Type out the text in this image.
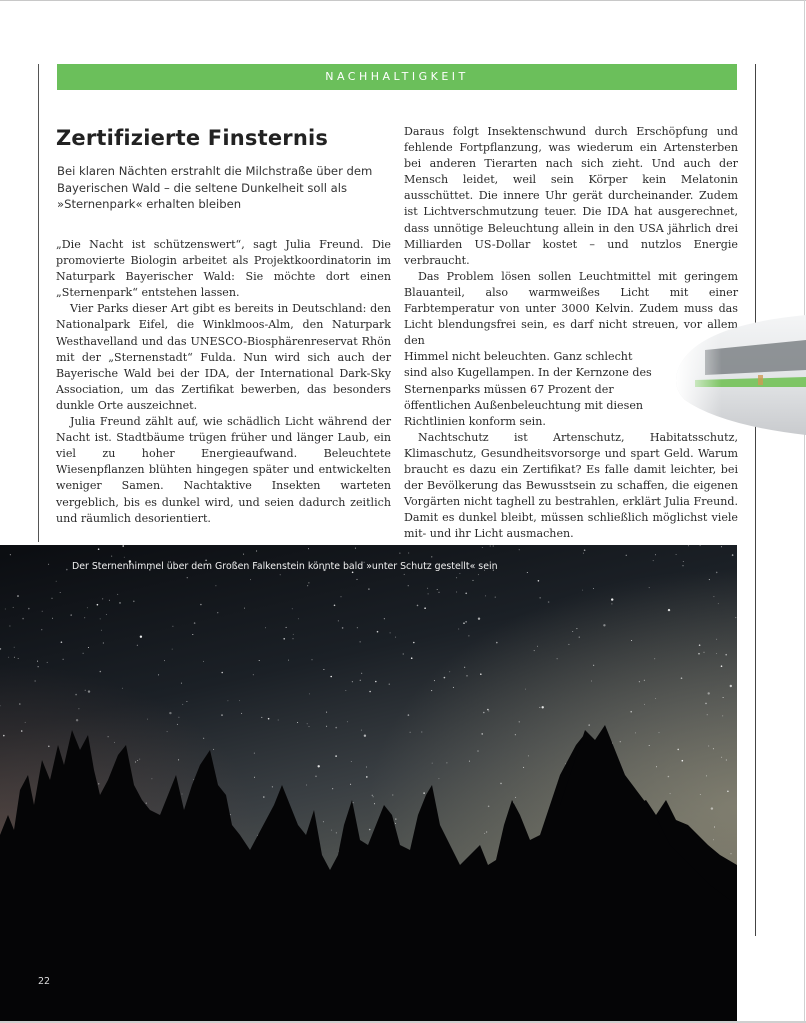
NACHHALTIGKEIT
Zertifizierte Finsternis

Bei klaren Nächten erstrahlt die Milchstraße über dem Bayerischen Wald – die seltene Dunkelheit soll als »Sternenpark« erhalten bleiben

„Die Nacht ist schützenswert“, sagt Julia Freund. Die promovierte Biologin arbeitet als Projektkoordinatorin im Naturpark Bayerischer Wald: Sie möchte dort einen „Sternenpark“ entstehen lassen.

Vier Parks dieser Art gibt es bereits in Deutschland: den Nationalpark Eifel, die Winklmoos-Alm, den Naturpark Westhavelland und das UNESCO-Biosphärenreservat Rhön mit der „Sternenstadt“ Fulda. Nun wird sich auch der Bayerische Wald bei der IDA, der International Dark-Sky Association, um das Zertifikat bewerben, das besonders dunkle Orte auszeichnet.

Julia Freund zählt auf, wie schädlich Licht während der Nacht ist. Stadtbäume trügen früher und länger Laub, ein viel zu hoher Energieaufwand. Beleuchtete Wiesenpflanzen blühten hingegen später und entwickelten weniger Samen. Nachtaktive Insekten warteten vergeblich, bis es dunkel wird, und seien dadurch zeitlich und räumlich desorientiert.

Daraus folgt Insektenschwund durch Erschöpfung und fehlende Fortpflanzung, was wiederum ein Artensterben bei anderen Tierarten nach sich zieht. Und auch der Mensch leidet, weil sein Körper kein Melatonin ausschüttet. Die innere Uhr gerät durcheinander. Zudem ist Lichtverschmutzung teuer. Die IDA hat ausgerechnet, dass unnötige Beleuchtung allein in den USA jährlich drei Milliarden US-Dollar kostet – und nutzlos Energie verbraucht.

Das Problem lösen sollen Leuchtmittel mit geringem Blauanteil, also warmweißes Licht mit einer Farbtemperatur von unter 3000 Kelvin. Zudem muss das Licht blendungsfrei sein, es darf nicht streuen, vor allem den

Himmel nicht beleuchten. Ganz schlecht sind also Kugellampen. In der Kernzone des Sternenparks müssen 67 Prozent der öffentlichen Außenbeleuchtung mit diesen Richtlinien konform sein.

Nachtschutz ist Artenschutz, Habitatsschutz, Klimaschutz, Gesundheitsvorsorge und spart Geld. Warum braucht es dazu ein Zertifikat? Es falle damit leichter, bei der Bevölkerung das Bewusstsein zu schaffen, die eigenen Vorgärten nicht taghell zu bestrahlen, erklärt Julia Freund. Damit es dunkel bleibt, müssen schließlich möglichst viele mit- und ihr Licht ausmachen.

Der Sternenhimmel über dem Großen Falkenstein könnte bald »unter Schutz gestellt« sein

22
